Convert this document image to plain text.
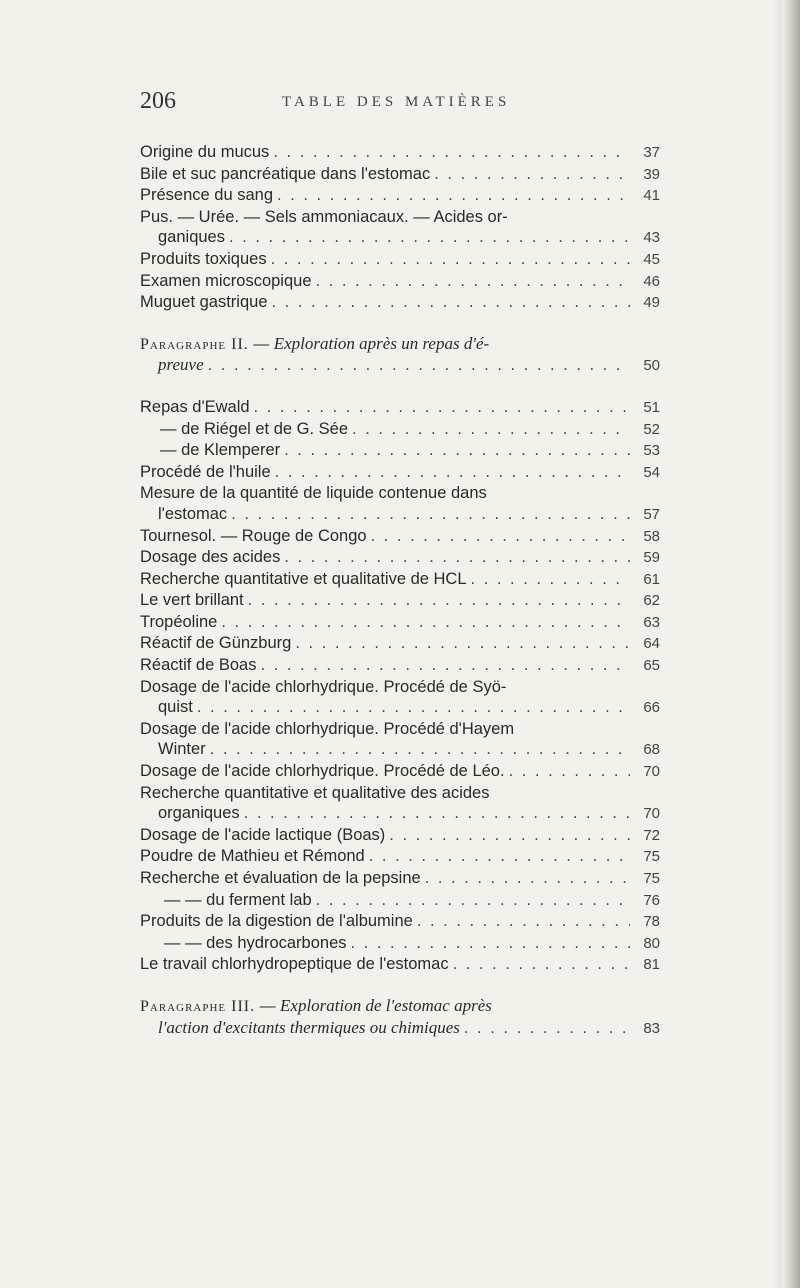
206	TABLE DES MATIÈRES
Origine du mucus . . .	37
Bile et suc pancréatique dans l'estomac . . .	39
Présence du sang . . .	41
Pus. — Urée. — Sels ammoniacaux. — Acides or-
ganiques . . .	43
Produits toxiques . . .	45
Examen microscopique . . .	46
Muguet gastrique . . .	49
Paragraphe II. — Exploration après un repas d'é-
preuve . . .	50
Repas d'Ewald . . .	51
— de Riégel et de G. Sée . . .	52
— de Klemperer . . .	53
Procédé de l'huile . . .	54
Mesure de la quantité de liquide contenue dans
l'estomac . . .	57
Tournesol. — Rouge de Congo . . .	58
Dosage des acides . . .	59
Recherche quantitative et qualitative de HCL . . .	61
Le vert brillant . . .	62
Tropéoline . . .	63
Réactif de Günzburg . . .	64
Réactif de Boas . . .	65
Dosage de l'acide chlorhydrique. Procédé de Syö-
quist . . .	66
Dosage de l'acide chlorhydrique. Procédé d'Hayem
Winter . . .	68
Dosage de l'acide chlorhydrique. Procédé de Léo. . . .	70
Recherche quantitative et qualitative des acides
organiques . . .	70
Dosage de l'acide lactique (Boas) . . .	72
Poudre de Mathieu et Rémond . . .	75
Recherche et évaluation de la pepsine . . .	75
— — du ferment lab . . .	76
Produits de la digestion de l'albumine . . .	78
— — des hydrocarbones . . .	80
Le travail chlorhydropeptique de l'estomac . . .	81
Paragraphe III. — Exploration de l'estomac après
l'action d'excitants thermiques ou chimiques . . .	83
